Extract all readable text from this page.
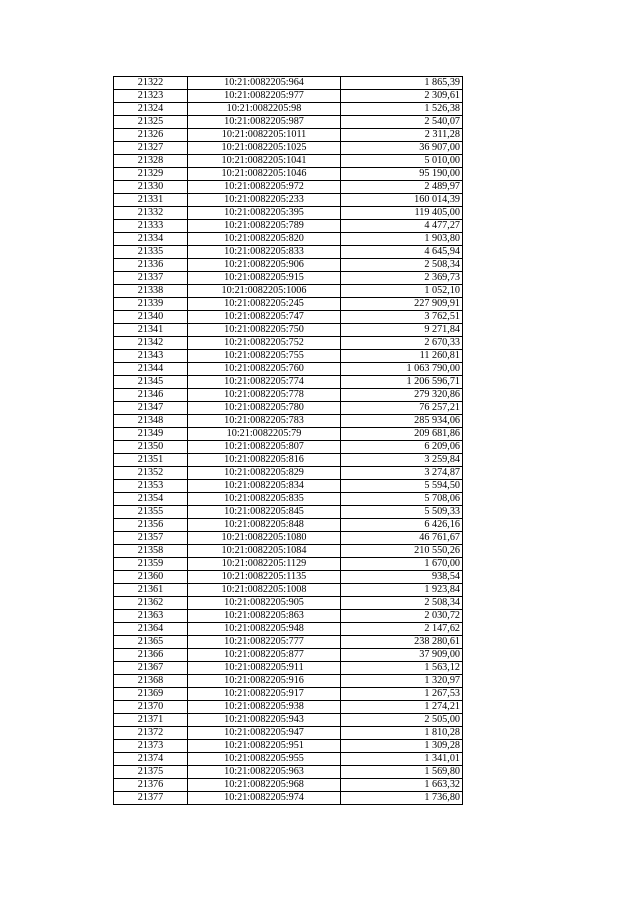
21322	10:21:0082205:964	1 865,39
21323	10:21:0082205:977	2 309,61
21324	10:21:0082205:98	1 526,38
21325	10:21:0082205:987	2 540,07
21326	10:21:0082205:1011	2 311,28
21327	10:21:0082205:1025	36 907,00
21328	10:21:0082205:1041	5 010,00
21329	10:21:0082205:1046	95 190,00
21330	10:21:0082205:972	2 489,97
21331	10:21:0082205:233	160 014,39
21332	10:21:0082205:395	119 405,00
21333	10:21:0082205:789	4 477,27
21334	10:21:0082205:820	1 903,80
21335	10:21:0082205:833	4 645,94
21336	10:21:0082205:906	2 508,34
21337	10:21:0082205:915	2 369,73
21338	10:21:0082205:1006	1 052,10
21339	10:21:0082205:245	227 909,91
21340	10:21:0082205:747	3 762,51
21341	10:21:0082205:750	9 271,84
21342	10:21:0082205:752	2 670,33
21343	10:21:0082205:755	11 260,81
21344	10:21:0082205:760	1 063 790,00
21345	10:21:0082205:774	1 206 596,71
21346	10:21:0082205:778	279 320,86
21347	10:21:0082205:780	76 257,21
21348	10:21:0082205:783	285 934,06
21349	10:21:0082205:79	209 681,86
21350	10:21:0082205:807	6 209,06
21351	10:21:0082205:816	3 259,84
21352	10:21:0082205:829	3 274,87
21353	10:21:0082205:834	5 594,50
21354	10:21:0082205:835	5 708,06
21355	10:21:0082205:845	5 509,33
21356	10:21:0082205:848	6 426,16
21357	10:21:0082205:1080	46 761,67
21358	10:21:0082205:1084	210 550,26
21359	10:21:0082205:1129	1 670,00
21360	10:21:0082205:1135	938,54
21361	10:21:0082205:1008	1 923,84
21362	10:21:0082205:905	2 508,34
21363	10:21:0082205:863	2 030,72
21364	10:21:0082205:948	2 147,62
21365	10:21:0082205:777	238 280,61
21366	10:21:0082205:877	37 909,00
21367	10:21:0082205:911	1 563,12
21368	10:21:0082205:916	1 320,97
21369	10:21:0082205:917	1 267,53
21370	10:21:0082205:938	1 274,21
21371	10:21:0082205:943	2 505,00
21372	10:21:0082205:947	1 810,28
21373	10:21:0082205:951	1 309,28
21374	10:21:0082205:955	1 341,01
21375	10:21:0082205:963	1 569,80
21376	10:21:0082205:968	1 663,32
21377	10:21:0082205:974	1 736,80
